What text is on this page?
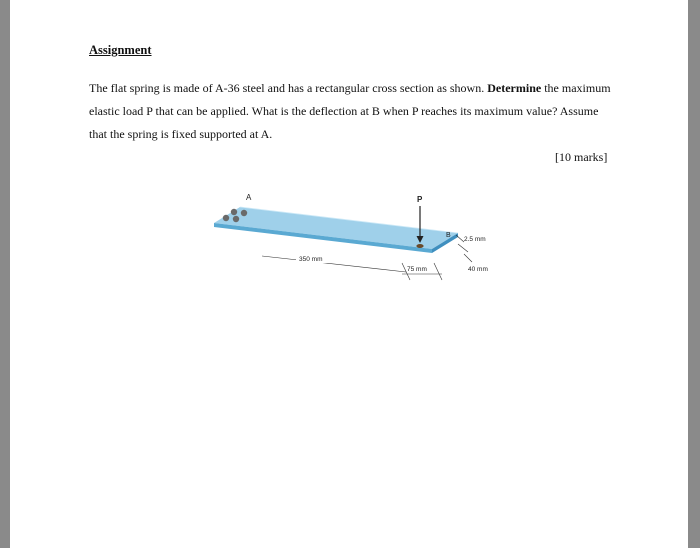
Assignment
The flat spring is made of A-36 steel and has a rectangular cross section as shown. Determine the maximum elastic load P that can be applied. What is the deflection at B when P reaches its maximum value? Assume that the spring is fixed supported at A.
[10 marks]
A	P
B
350 mm
75 mm
2.5 mm
40 mm
